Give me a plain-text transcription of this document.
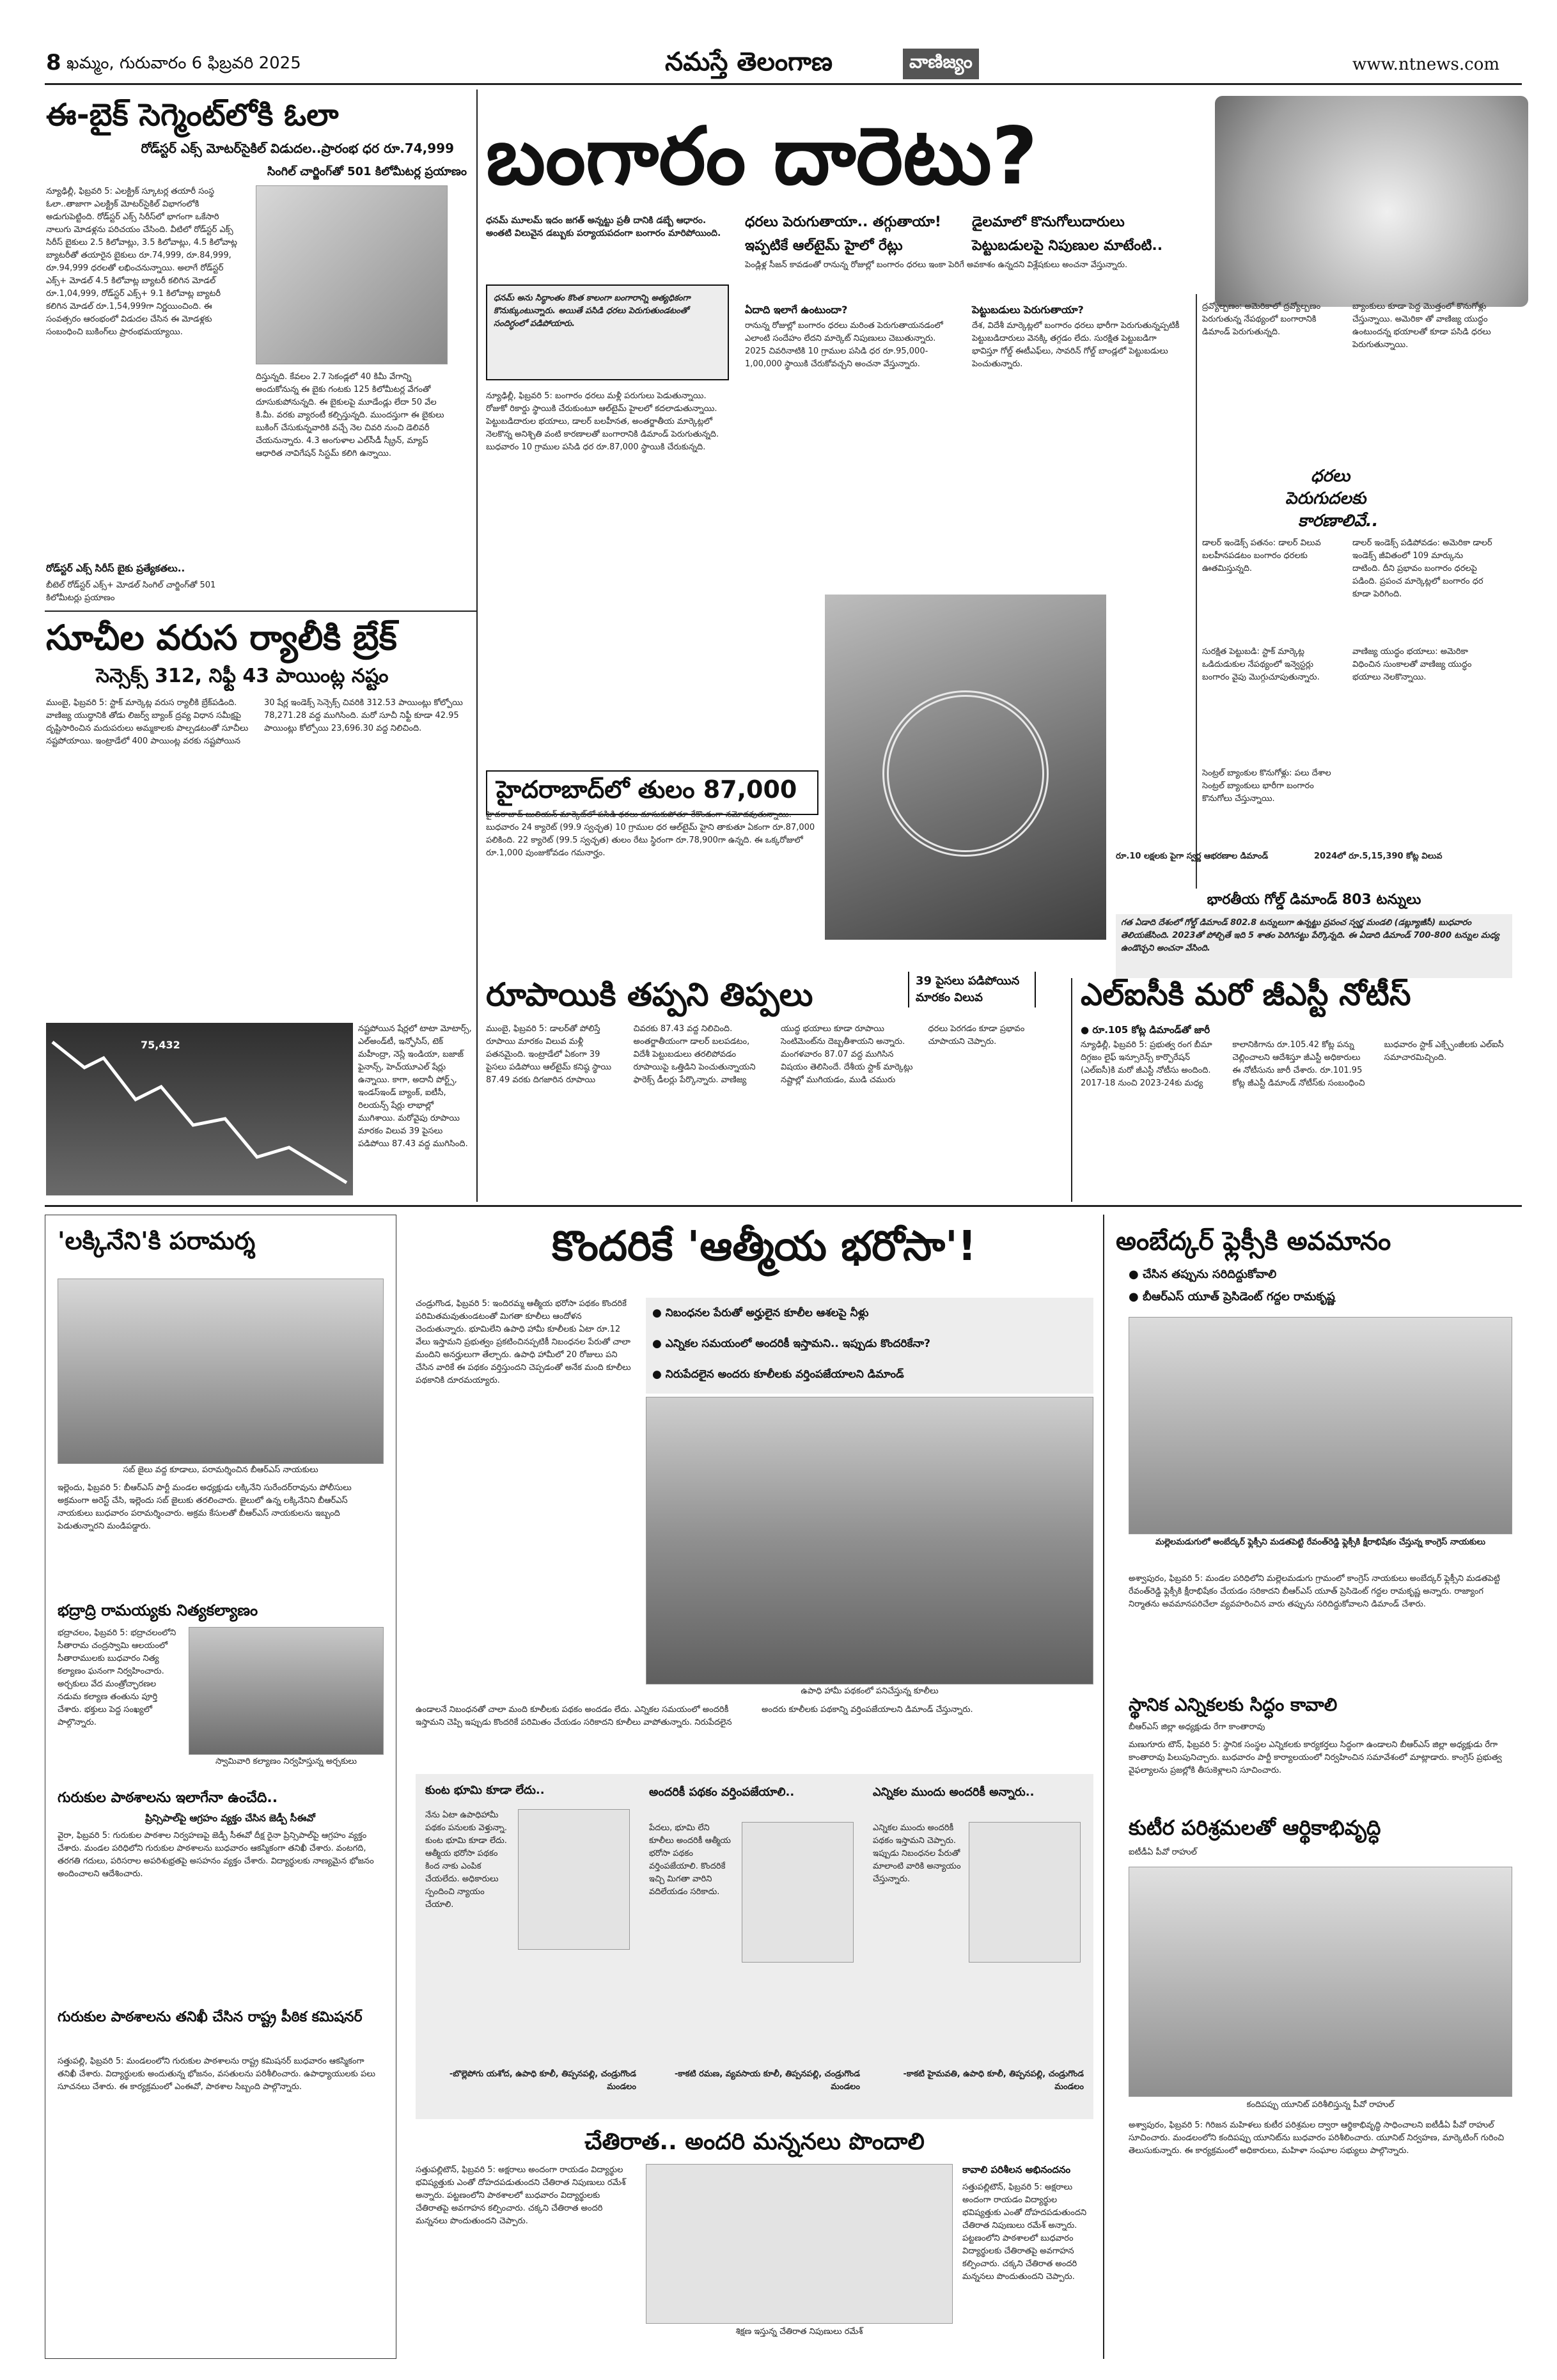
8 ఖమ్మం, గురువారం 6 ఫిబ్రవరి 2025	నమస్తే తెలంగాణ	వాణిజ్యం	www.ntnews.com
ఈ-బైక్ సెగ్మెంట్‌లోకి ఓలా
రోడ్‌స్టర్ ఎక్స్ మోటర్‌సైకిల్ విడుదల..ప్రారంభ ధర రూ.74,999
సింగిల్ చార్జింగ్‌తో 501 కిలోమీటర్ల ప్రయాణం
న్యూఢిల్లీ, ఫిబ్రవరి 5: ఎలక్ట్రిక్ స్కూటర్ల తయారీ సంస్థ ఓలా..తాజాగా ఎలక్ట్రిక్ మోటర్‌సైకిల్ విభాగంలోకి అడుగుపెట్టింది. రోడ్‌స్టర్ ఎక్స్ సిరీస్‌లో భాగంగా ఒకేసారి నాలుగు మోడళ్లను పరిచయం చేసింది. వీటిలో రోడ్‌స్టర్ ఎక్స్ సిరీస్ బైకులు 2.5 కిలోవాట్లు, 3.5 కిలోవాట్లు, 4.5 కిలోవాట్ల బ్యాటరీతో తయారైన బైకులు రూ.74,999, రూ.84,999, రూ.94,999 ధరలతో లభించనున్నాయి. అలాగే రోడ్‌స్టర్ ఎక్స్+ మోడల్ 4.5 కిలోవాట్ల బ్యాటరీ కలిగిన మోడల్ రూ.1,04,999, రోడ్‌స్టర్ ఎక్స్+ 9.1 కిలోవాట్ల బ్యాటరీ కలిగిన మోడల్ రూ.1,54,999గా నిర్ణయించింది. ఈ సంవత్సరం ఆరంభంలో విడుదల చేసిన ఈ మోడళ్లకు సంబంధించి బుకింగ్‌లు ప్రారంభమయ్యాయి.
దిస్తున్నది. కేవలం 2.7 సెకండ్లలో 40 కిమీ వేగాన్ని అందుకోనున్న ఈ బైకు గంటకు 125 కిలోమీటర్ల వేగంతో దూసుకుపోనున్నది. ఈ బైకులపై మూడేండ్లు లేదా 50 వేల కి.మీ. వరకు వ్యారంటీ కల్పిస్తున్నది. ముందస్తుగా ఈ బైకులు బుకింగ్ చేసుకున్నవారికి వచ్చే నెల చివరి నుంచి డెలివరీ చేయనున్నారు. 4.3 అంగుళాల ఎల్‌సీడీ స్క్రీన్, మ్యాప్ ఆధారిత నావిగేషన్ సిస్టమ్ కలిగి ఉన్నాయి.
రోడ్‌స్టర్ ఎక్స్ సిరీస్ బైకు ప్రత్యేకతలు..
బీటెల్ రోడ్‌స్టర్ ఎక్స్+ మోడల్ సింగిల్ చార్జింగ్‌తో 501 కిలోమీటర్లు ప్రయాణం
బంగారం దారెటు?
ధరలు పెరుగుతాయా.. తగ్గుతాయా! డైలమాలో కొనుగోలుదారులు
ఇప్పటికే ఆల్‌టైమ్ హై‌లో రేట్లు	పెట్టుబడులపై నిపుణుల మాటేంటి..
ధనమ్ మూలమ్ ఇదం జగత్ అన్నట్టు ప్రతీ దానికి డబ్బే ఆధారం. అంతటి విలువైన డబ్బుకు పర్యాయపదంగా బంగారం మారిపోయింది.
ధనమ్ అను సిద్ధాంతం కొంత కాలంగా బంగారాన్ని అత్యధికంగా కొనుక్కుంటున్నారు. అయితే పసిడి ధరలు పెరుగుతుండటంతో సందిగ్ధంలో పడిపోయారు.
న్యూఢిల్లీ, ఫిబ్రవరి 5: బంగారం ధరలు మళ్లీ పరుగులు పెడుతున్నాయి. రోజుకో రికార్డు స్థాయికి చేరుకుంటూ ఆల్‌టైమ్ హైలలో కదలాడుతున్నాయి. పెట్టుబడిదారుల భయాలు, డాలర్ బలహీనత, అంతర్జాతీయ మార్కెట్లలో నెలకొన్న అనిశ్చితి వంటి కారణాలతో బంగారానికి డిమాండ్ పెరుగుతున్నది. బుధవారం 10 గ్రాముల పసిడి ధర రూ.87,000 స్థాయికి చేరుకున్నది.
పెండ్లిళ్ల సీజన్ కావడంతో రానున్న రోజుల్లో బంగారం ధరలు ఇంకా పెరిగే అవకాశం ఉన్నదని విశ్లేషకులు అంచనా వేస్తున్నారు.
ఏదాది ఇలాగే ఉంటుందా?
రానున్న రోజుల్లో బంగారం ధరలు మరింత పెరుగుతాయనడంలో ఎలాంటి సందేహం లేదని మార్కెట్ నిపుణులు చెబుతున్నారు. 2025 చివరినాటికి 10 గ్రాముల పసిడి ధర రూ.95,000-1,00,000 స్థాయికి చేరుకోవచ్చని అంచనా వేస్తున్నారు.
పెట్టుబడులు పెరుగుతాయా?
దేశ, విదేశీ మార్కెట్లలో బంగారం ధరలు భారీగా పెరుగుతున్నప్పటికీ పెట్టుబడిదారులు వెనక్కి తగ్గడం లేదు. సురక్షిత పెట్టుబడిగా భావిస్తూ గోల్డ్ ఈటీఎఫ్‌లు, సావరిన్ గోల్డ్ బాండ్లలో పెట్టుబడులు పెంచుతున్నారు.
ధరలు
పెరుగుదలకు
కారణాలివే..
ద్రవ్యోల్బణం: అమెరికాలో ద్రవ్యోల్బణం పెరుగుతున్న నేపథ్యంలో బంగారానికి డిమాండ్ పెరుగుతున్నది.
బ్యాంకులు కూడా పెద్ద మొత్తంలో కొనుగోళ్లు చేస్తున్నాయి. అమెరికా తో వాణిజ్య యుద్ధం ఉంటుందన్న భయాలతో కూడా పసిడి ధరలు పెరుగుతున్నాయి.
డాలర్ ఇండెక్స్ పతనం: డాలర్ విలువ బలహీనపడటం బంగారం ధరలకు ఊతమిస్తున్నది.
డాలర్ ఇండెక్స్ పడిపోవడం: అమెరికా డాలర్ ఇండెక్స్ జీవితంలో 109 మార్కును దాటింది. దీని ప్రభావం బంగారం ధరలపై పడింది. ప్రపంచ మార్కెట్లలో బంగారం ధర కూడా పెరిగింది.
సురక్షిత పెట్టుబడి: స్టాక్ మార్కెట్ల ఒడిదుడుకుల నేపథ్యంలో ఇన్వెస్టర్లు బంగారం వైపు మొగ్గుచూపుతున్నారు.
వాణిజ్య యుద్ధం భయాలు: అమెరికా విధించిన సుంకాలతో వాణిజ్య యుద్ధం భయాలు నెలకొన్నాయి.
సెంట్రల్ బ్యాంకుల కొనుగోళ్లు: పలు దేశాల సెంట్రల్ బ్యాంకులు భారీగా బంగారం కొనుగోలు చేస్తున్నాయి.
హైదరాబాద్‌లో తులం 87,000
హైదరాబాద్ బులియన్ మార్కెట్‌లో పసిడి ధరలు దూసుకుపోతూ రేకొండంగా నమోదవుతున్నాయి. బుధవారం 24 క్యారెట్ (99.9 స్వచ్ఛత) 10 గ్రాముల ధర ఆల్‌టైమ్ హైని తాకుతూ ఏకంగా రూ.87,000 పలికింది. 22 క్యారెట్ (99.5 స్వచ్ఛత) తులం రేటు స్థిరంగా రూ.78,900గా ఉన్నది. ఈ ఒక్కరోజులో రూ.1,000 పుంజుకోవడం గమనార్హం.
భారతీయ గోల్డ్ డిమాండ్ 803 టన్నులు
గత ఏడాది దేశంలో గోల్డ్ డిమాండ్ 802.8 టన్నులుగా ఉన్నట్టు ప్రపంచ స్వర్ణ మండలి (డబ్ల్యూజీసీ) బుధవారం తెలియజేసింది. 2023తో పోల్చితే ఇది 5 శాతం పెరిగినట్టు పేర్కొన్నది. ఈ ఏడాది డిమాండ్ 700-800 టన్నుల మధ్య ఉండొచ్చని అంచనా వేసింది.
రూ.10 లక్షలకు పైగా స్వర్ణ ఆభరణాల డిమాండ్	2024లో రూ.5,15,390 కోట్ల విలువ
సూచీల వరుస ర్యాలీకి బ్రేక్
సెన్సెక్స్ 312, నిఫ్టీ 43 పాయింట్ల నష్టం
ముంబై, ఫిబ్రవరి 5: స్టాక్ మార్కెట్ల వరుస ర్యాలీకి బ్రేక్‌పడింది. వాణిజ్య యుద్ధానికి తోడు లిజర్వ్ బ్యాంక్ ద్రవ్య విధాన సమీక్షపై దృష్టిసారించిన మదుపరులు అమ్మకాలకు పాల్పడటంతో సూచీలు నష్టపోయాయి. ఇంట్రాడేలో 400 పాయింట్ల వరకు నష్టపోయిన 30 షేర్ల ఇండెక్స్ సెన్సెక్స్ చివరికి 312.53 పాయింట్లు కోల్పోయి 78,271.28 వద్ద ముగిసింది. మరో సూచీ నిఫ్టీ కూడా 42.95 పాయింట్లు కోల్పోయి 23,696.30 వద్ద నిలిచింది.
75,432
నష్టపోయిన షేర్లలో టాటా మోటార్స్, ఎల్‌అండ్‌టీ, ఇన్ఫోసిస్, టెక్ మహీంద్రా, నెస్లే ఇండియా, బజాజ్ ఫైనాన్స్, హెచ్‌యూఎల్ షేర్లు ఉన్నాయి. కాగా, అదానీ పోర్ట్స్, ఇండస్ఇండ్ బ్యాంక్, ఐటీసీ, రిలయన్స్ షేర్లు లాభాల్లో ముగిశాయి. మరోవైపు రూపాయి మారకం విలువ 39 పైసలు పడిపోయి 87.43 వద్ద ముగిసింది.
రూపాయికి తప్పని తిప్పలు	39 పైసలు పడిపోయిన మారకం విలువ
ముంబై, ఫిబ్రవరి 5: డాలర్‌తో పోలిస్తే రూపాయి మారకం విలువ మళ్లీ పతనమైంది. ఇంట్రాడేలో ఏకంగా 39 పైసలు పడిపోయి ఆల్‌టైమ్ కనిష్ఠ స్థాయి 87.49 వరకు దిగజారిన రూపాయి చివరకు 87.43 వద్ద నిలిచింది. అంతర్జాతీయంగా డాలర్ బలపడటం, విదేశీ పెట్టుబడులు తరలిపోవడం రూపాయిపై ఒత్తిడిని పెంచుతున్నాయని ఫారెక్స్ డీలర్లు పేర్కొన్నారు. వాణిజ్య యుద్ధ భయాలు కూడా రూపాయి సెంటిమెంట్‌ను దెబ్బతీశాయని అన్నారు. మంగళవారం 87.07 వద్ద ముగిసిన విషయం తెలిసిందే. దేశీయ స్టాక్ మార్కెట్లు నష్టాల్లో ముగియడం, ముడి చమురు ధరలు పెరగడం కూడా ప్రభావం చూపాయని చెప్పారు.
ఎల్‌ఐసీకి మరో జీఎస్టీ నోటీస్
● రూ.105 కోట్ల డిమాండ్‌తో జారీ
న్యూఢిల్లీ, ఫిబ్రవరి 5: ప్రభుత్వ రంగ బీమా దిగ్గజం లైఫ్ ఇన్సూరెన్స్ కార్పొరేషన్ (ఎల్‌ఐసీ)కి మరో జీఎస్టీ నోటీసు అందింది. 2017-18 నుంచి 2023-24కు మధ్య కాలానికిగాను రూ.105.42 కోట్ల పన్ను చెల్లించాలని ఆదేశిస్తూ జీఎస్టీ అధికారులు ఈ నోటీసును జారీ చేశారు. రూ.101.95 కోట్ల జీఎస్టీ డిమాండ్ నోటీస్‌కు సంబంధించి బుధవారం స్టాక్ ఎక్స్ఛేంజీలకు ఎల్‌ఐసీ సమాచారమిచ్చింది.
'లక్కినేని'కి పరామర్శ
సబ్ జైలు వద్ద కూడాలు, పరామర్శించిన బీఆర్‌ఎస్ నాయకులు
ఇల్లెందు, ఫిబ్రవరి 5: బీఆర్‌ఎస్ పార్టీ మండల అధ్యక్షుడు లక్కినేని సురేందర్‌రావును పోలీసులు అక్రమంగా అరెస్ట్ చేసి, ఇల్లెందు సబ్ జైలుకు తరలించారు. జైలులో ఉన్న లక్కినేనిని బీఆర్‌ఎస్ నాయకులు బుధవారం పరామర్శించారు. అక్రమ కేసులతో బీఆర్‌ఎస్ నాయకులను ఇబ్బంది పెడుతున్నారని మండిపడ్డారు.
భద్రాద్రి రామయ్యకు నిత్యకల్యాణం
భద్రాచలం, ఫిబ్రవరి 5: భద్రాచలంలోని సీతారామ చంద్రస్వామి ఆలయంలో సీతారాములకు బుధవారం నిత్య కల్యాణం ఘనంగా నిర్వహించారు. అర్చకులు వేద మంత్రోచ్ఛారణల నడుమ కల్యాణ తంతును పూర్తి చేశారు. భక్తులు పెద్ద సంఖ్యలో పాల్గొన్నారు.
స్వామివారి కల్యాణం నిర్వహిస్తున్న అర్చకులు
గురుకుల పాఠశాలను ఇలాగేనా ఉంచేది..
ప్రిన్సిపాల్‌పై ఆగ్రహం వ్యక్తం చేసిన జెడ్పీ సీఈవో
వైరా, ఫిబ్రవరి 5: గురుకుల పాఠశాల నిర్వహణపై జెడ్పీ సీఈవో దీక్ష రైనా ప్రిన్సిపాల్‌పై ఆగ్రహం వ్యక్తం చేశారు. మండల పరిధిలోని గురుకుల పాఠశాలను బుధవారం ఆకస్మికంగా తనిఖీ చేశారు. వంటగది, తరగతి గదులు, పరిసరాల అపరిశుభ్రతపై అసహనం వ్యక్తం చేశారు. విద్యార్థులకు నాణ్యమైన భోజనం అందించాలని ఆదేశించారు.
గురుకుల పాఠశాలను తనిఖీ చేసిన రాష్ట్ర పీఠిక కమిషనర్
సత్తుపల్లి, ఫిబ్రవరి 5: మండలంలోని గురుకుల పాఠశాలను రాష్ట్ర కమిషనర్ బుధవారం ఆకస్మికంగా తనిఖీ చేశారు. విద్యార్థులకు అందుతున్న భోజనం, వసతులను పరిశీలించారు. ఉపాధ్యాయులకు పలు సూచనలు చేశారు. ఈ కార్యక్రమంలో ఎంఈవో, పాఠశాల సిబ్బంది పాల్గొన్నారు.
కొందరికే 'ఆత్మీయ భరోసా'!
చండ్రుగొండ, ఫిబ్రవరి 5: ఇందిరమ్మ ఆత్మీయ భరోసా పథకం కొందరికే పరిమితమవుతుండటంతో మిగతా కూలీలు ఆందోళన చెందుతున్నారు. భూమిలేని ఉపాధి హామీ కూలీలకు ఏటా రూ.12 వేలు ఇస్తామని ప్రభుత్వం ప్రకటించినప్పటికీ నిబంధనల పేరుతో చాలా మందిని అనర్హులుగా తేల్చారు. ఉపాధి హామీలో 20 రోజులు పని చేసిన వారికే ఈ పథకం వర్తిస్తుందని చెప్పడంతో అనేక మంది కూలీలు పథకానికి దూరమయ్యారు.
● నిబంధనల పేరుతో అర్హులైన కూలీల ఆశలపై నీళ్లు
● ఎన్నికల సమయంలో అందరికీ ఇస్తామని.. ఇప్పుడు కొందరికేనా?
● నిరుపేదలైన అందరు కూలీలకు వర్తింపజేయాలని డిమాండ్
ఉపాధి హామీ పథకంలో పనిచేస్తున్న కూలీలు
ఉండాలనే నిబంధనతో చాలా మంది కూలీలకు పథకం అందడం లేదు. ఎన్నికల సమయంలో అందరికీ ఇస్తామని చెప్పి ఇప్పుడు కొందరికే పరిమితం చేయడం సరికాదని కూలీలు వాపోతున్నారు. నిరుపేదలైన అందరు కూలీలకు పథకాన్ని వర్తింపజేయాలని డిమాండ్ చేస్తున్నారు.
కుంట భూమి కూడా లేదు..
నేను ఏటా ఉపాధిహామీ పథకం పనులకు వెళ్తున్నా. కుంట భూమి కూడా లేదు. ఆత్మీయ భరోసా పథకం కింద నాకు ఎంపిక చేయలేదు. అధికారులు స్పందించి న్యాయం చేయాలి.
-బొల్లెపోగు యశోద, ఉపాధి కూలీ, తిప్పనపల్లి, చండ్రుగొండ మండలం
అందరికీ పథకం వర్తింపజేయాలి..
పేదలు, భూమి లేని కూలీలు అందరికీ ఆత్మీయ భరోసా పథకం వర్తింపజేయాలి. కొందరికే ఇచ్చి మిగతా వారిని వదిలేయడం సరికాదు.
-కాకటి రమణ, వ్యవసాయ కూలీ, తిప్పనపల్లి, చండ్రుగొండ మండలం
ఎన్నికల ముందు అందరికీ అన్నారు..
ఎన్నికల ముందు అందరికీ పథకం ఇస్తామని చెప్పారు. ఇప్పుడు నిబంధనల పేరుతో మాలాంటి వారికి అన్యాయం చేస్తున్నారు.
-కాకటి హైమవతి, ఉపాధి కూలీ, తిప్పనపల్లి, చండ్రుగొండ మండలం
చేతిరాత.. అందరి మన్ననలు పొందాలి
సత్తుపల్లిటౌన్, ఫిబ్రవరి 5: అక్షరాలు అందంగా రాయడం విద్యార్థుల భవిష్యత్తుకు ఎంతో దోహదపడుతుందని చేతిరాత నిపుణులు రమేశ్ అన్నారు. పట్టణంలోని పాఠశాలలో బుధవారం విద్యార్థులకు చేతిరాతపై అవగాహన కల్పించారు. చక్కని చేతిరాత అందరి మన్ననలు పొందుతుందని చెప్పారు.
శిక్షణ ఇస్తున్న చేతిరాత నిపుణులు రమేశ్
కావాలి పరిశీలన అభినందనం
సత్తుపల్లిటౌన్, ఫిబ్రవరి 5: అక్షరాలు అందంగా రాయడం విద్యార్థుల భవిష్యత్తుకు ఎంతో దోహదపడుతుందని చేతిరాత నిపుణులు రమేశ్ అన్నారు. పట్టణంలోని పాఠశాలలో బుధవారం విద్యార్థులకు చేతిరాతపై అవగాహన కల్పించారు. చక్కని చేతిరాత అందరి మన్ననలు పొందుతుందని చెప్పారు.
అంబేద్కర్ ఫ్లెక్సీకి అవమానం
● చేసిన తప్పును సరిదిద్దుకోవాలి
● బీఆర్‌ఎస్ యూత్ ప్రెసిడెంట్ గద్దల రామకృష్ణ
మల్లెలమడుగులో అంబేద్కర్ ఫ్లెక్సీని మడతపెట్టి రేవంత్‌రెడ్డి ఫ్లెక్సీకి క్షీరాభిషేకం చేస్తున్న కాంగ్రెస్ నాయకులు
అశ్వాపురం, ఫిబ్రవరి 5: మండల పరిధిలోని మల్లెలమడుగు గ్రామంలో కాంగ్రెస్ నాయకులు అంబేద్కర్ ఫ్లెక్సీని మడతపెట్టి రేవంత్‌రెడ్డి ఫ్లెక్సీకి క్షీరాభిషేకం చేయడం సరికాదని బీఆర్‌ఎస్ యూత్ ప్రెసిడెంట్ గద్దల రామకృష్ణ అన్నారు. రాజ్యాంగ నిర్మాతను అవమానపరిచేలా వ్యవహరించిన వారు తప్పును సరిదిద్దుకోవాలని డిమాండ్ చేశారు.
స్థానిక ఎన్నికలకు సిద్ధం కావాలి
బీఆర్‌ఎస్ జిల్లా అధ్యక్షుడు రేగా కాంతారావు
మణుగూరు టౌన్, ఫిబ్రవరి 5: స్థానిక సంస్థల ఎన్నికలకు కార్యకర్తలు సిద్ధంగా ఉండాలని బీఆర్‌ఎస్ జిల్లా అధ్యక్షుడు రేగా కాంతారావు పిలుపునిచ్చారు. బుధవారం పార్టీ కార్యాలయంలో నిర్వహించిన సమావేశంలో మాట్లాడారు. కాంగ్రెస్ ప్రభుత్వ వైఫల్యాలను ప్రజల్లోకి తీసుకెళ్లాలని సూచించారు.
కుటీర పరిశ్రమలతో ఆర్థికాభివృద్ధి
ఐటీడీఏ పీవో రాహుల్
కందిపప్పు యూనిట్ పరిశీలిస్తున్న పీవో రాహుల్
అశ్వాపురం, ఫిబ్రవరి 5: గిరిజన మహిళలు కుటీర పరిశ్రమల ద్వారా ఆర్థికాభివృద్ధి సాధించాలని ఐటీడీఏ పీవో రాహుల్ సూచించారు. మండలంలోని కందిపప్పు యూనిట్‌ను బుధవారం పరిశీలించారు. యూనిట్ నిర్వహణ, మార్కెటింగ్ గురించి తెలుసుకున్నారు. ఈ కార్యక్రమంలో అధికారులు, మహిళా సంఘాల సభ్యులు పాల్గొన్నారు.
